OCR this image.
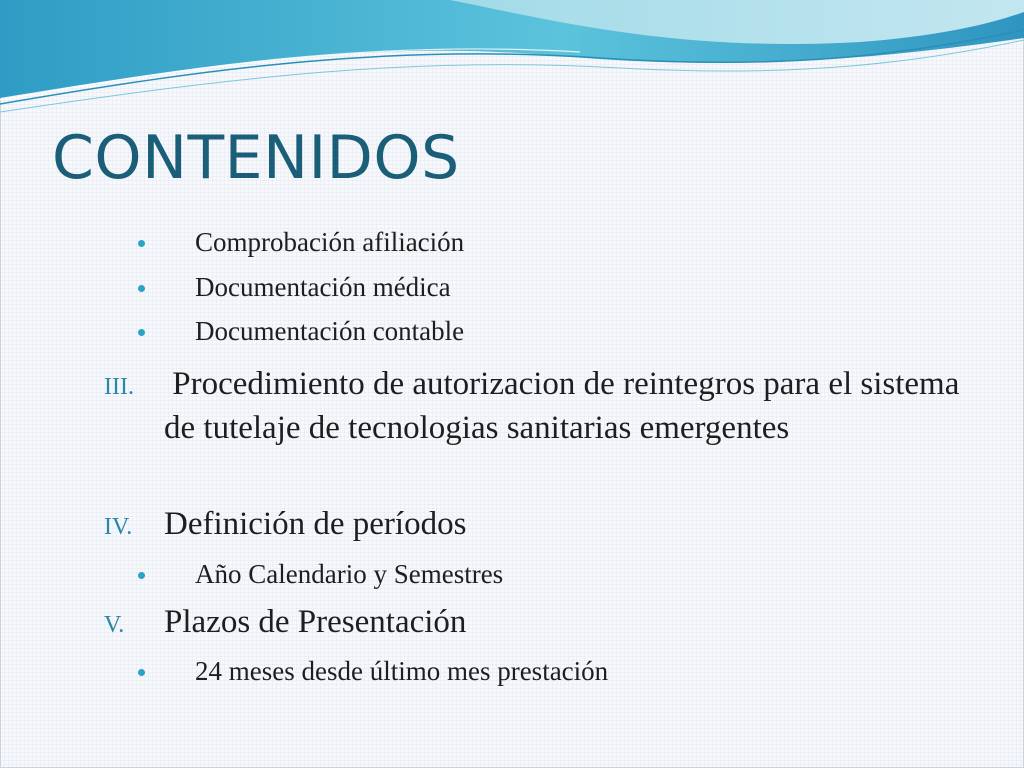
CONTENIDOS
Comprobación afiliación
Documentación médica
Documentación contable
III. Procedimiento de autorizacion de reintegros para el sistema de tutelaje de tecnologias sanitarias emergentes
IV. Definición de períodos
Año Calendario y Semestres
V. Plazos de Presentación
24 meses desde último mes prestación
